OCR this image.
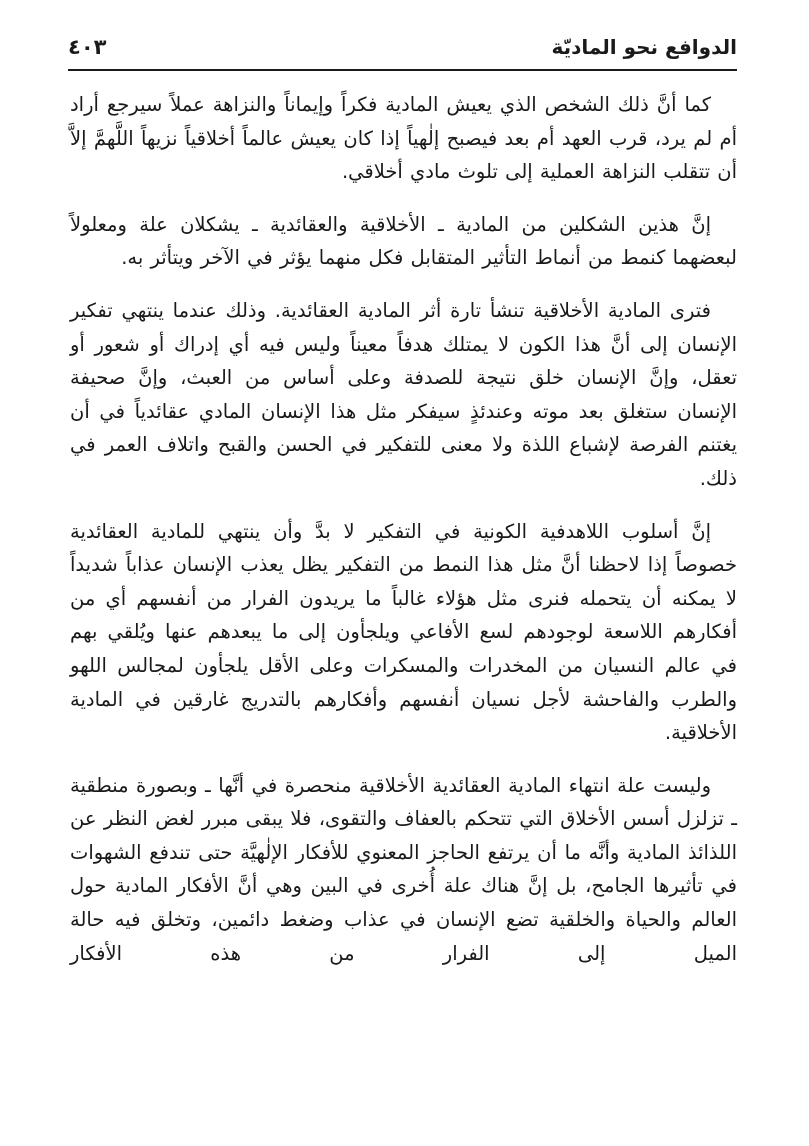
الدوافع نحو الماديّة
٤٠٣

كما أنَّ ذلك الشخص الذي يعيش المادية فكراً وإيماناً والنزاهة عملاً سيرجع أراد أم لم يرد، قرب العهد أم بعد فيصبح إلٰهياً إذا كان يعيش عالماً أخلاقياً نزيهاً اللَّهمَّ إلاَّ أن تتقلب النزاهة العملية إلى تلوث مادي أخلاقي.

إنَّ هذين الشكلين من المادية ـ الأخلاقية والعقائدية ـ يشكلان علة ومعلولاً لبعضهما كنمط من أنماط التأثير المتقابل فكل منهما يؤثر في الآخر ويتأثر به.

فترى المادية الأخلاقية تنشأ تارة أثر المادية العقائدية. وذلك عندما ينتهي تفكير الإنسان إلى أنَّ هذا الكون لا يمتلك هدفاً معيناً وليس فيه أي إدراك أو شعور أو تعقل، وإنَّ الإنسان خلق نتيجة للصدفة وعلى أساس من العبث، وإنَّ صحيفة الإنسان ستغلق بعد موته وعندئذٍ سيفكر مثل هذا الإنسان المادي عقائدياً في أن يغتنم الفرصة لإشباع اللذة ولا معنى للتفكير في الحسن والقبح واتلاف العمر في ذلك.

إنَّ أسلوب اللاهدفية الكونية في التفكير لا بدَّ وأن ينتهي للمادية العقائدية خصوصاً إذا لاحظنا أنَّ مثل هذا النمط من التفكير يظل يعذب الإنسان عذاباً شديداً لا يمكنه أن يتحمله فنرى مثل هؤلاء غالباً ما يريدون الفرار من أنفسهم أي من أفكارهم اللاسعة لوجودهم لسع الأفاعي ويلجأون إلى ما يبعدهم عنها ويُلقي بهم في عالم النسيان من المخدرات والمسكرات وعلى الأقل يلجأون لمجالس اللهو والطرب والفاحشة لأجل نسيان أنفسهم وأفكارهم بالتدريج غارقين في المادية الأخلاقية.

وليست علة انتهاء المادية العقائدية الأخلاقية منحصرة في أنَّها ـ وبصورة منطقية ـ تزلزل أسس الأخلاق التي تتحكم بالعفاف والتقوى، فلا يبقى مبرر لغض النظر عن اللذائذ المادية وأنَّه ما أن يرتفع الحاجز المعنوي للأفكار الإلٰهيَّة حتى تندفع الشهوات في تأثيرها الجامح، بل إنَّ هناك علة أُخرى في البين وهي أنَّ الأفكار المادية حول العالم والحياة والخلقية تضع الإنسان في عذاب وضغط دائمين، وتخلق فيه حالة الميل إلى الفرار من هذه الأفكار
